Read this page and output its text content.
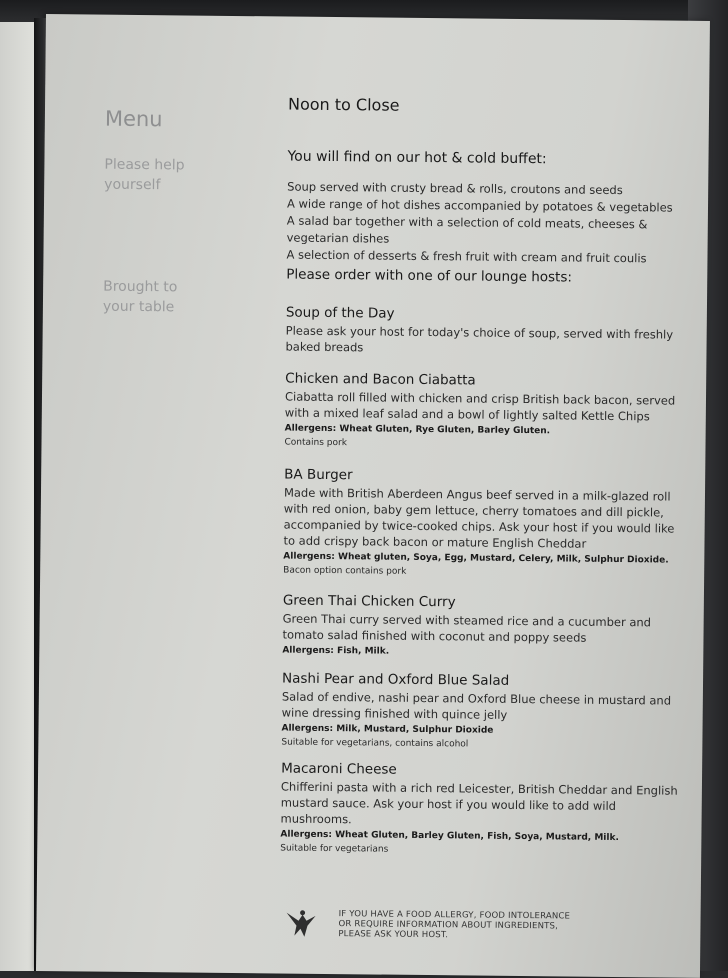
Menu

Please help yourself

Brought to your table

Noon to Close
You will find on our hot & cold buffet:
Soup served with crusty bread & rolls, croutons and seeds
A wide range of hot dishes accompanied by potatoes & vegetables
A salad bar together with a selection of cold meats, cheeses & vegetarian dishes
A selection of desserts & fresh fruit with cream and fruit coulis
Please order with one of our lounge hosts:
Soup of the Day

Please ask your host for today's choice of soup, served with freshly baked breads

Chicken and Bacon Ciabatta

Ciabatta roll filled with chicken and crisp British back bacon, served with a mixed leaf salad and a bowl of lightly salted Kettle Chips

Allergens: Wheat Gluten, Rye Gluten, Barley Gluten.

Contains pork

BA Burger

Made with British Aberdeen Angus beef served in a milk-glazed roll with red onion, baby gem lettuce, cherry tomatoes and dill pickle, accompanied by twice-cooked chips. Ask your host if you would like to add crispy back bacon or mature English Cheddar

Allergens: Wheat gluten, Soya, Egg, Mustard, Celery, Milk, Sulphur Dioxide.

Bacon option contains pork

Green Thai Chicken Curry

Green Thai curry served with steamed rice and a cucumber and tomato salad finished with coconut and poppy seeds

Allergens: Fish, Milk.

Nashi Pear and Oxford Blue Salad

Salad of endive, nashi pear and Oxford Blue cheese in mustard and wine dressing finished with quince jelly

Allergens: Milk, Mustard, Sulphur Dioxide

Suitable for vegetarians, contains alcohol

Macaroni Cheese

Chifferini pasta with a rich red Leicester, British Cheddar and English mustard sauce. Ask your host if you would like to add wild mushrooms.

Allergens: Wheat Gluten, Barley Gluten, Fish, Soya, Mustard, Milk.

Suitable for vegetarians

IF YOU HAVE A FOOD ALLERGY, FOOD INTOLERANCE OR REQUIRE INFORMATION ABOUT INGREDIENTS, PLEASE ASK YOUR HOST.
